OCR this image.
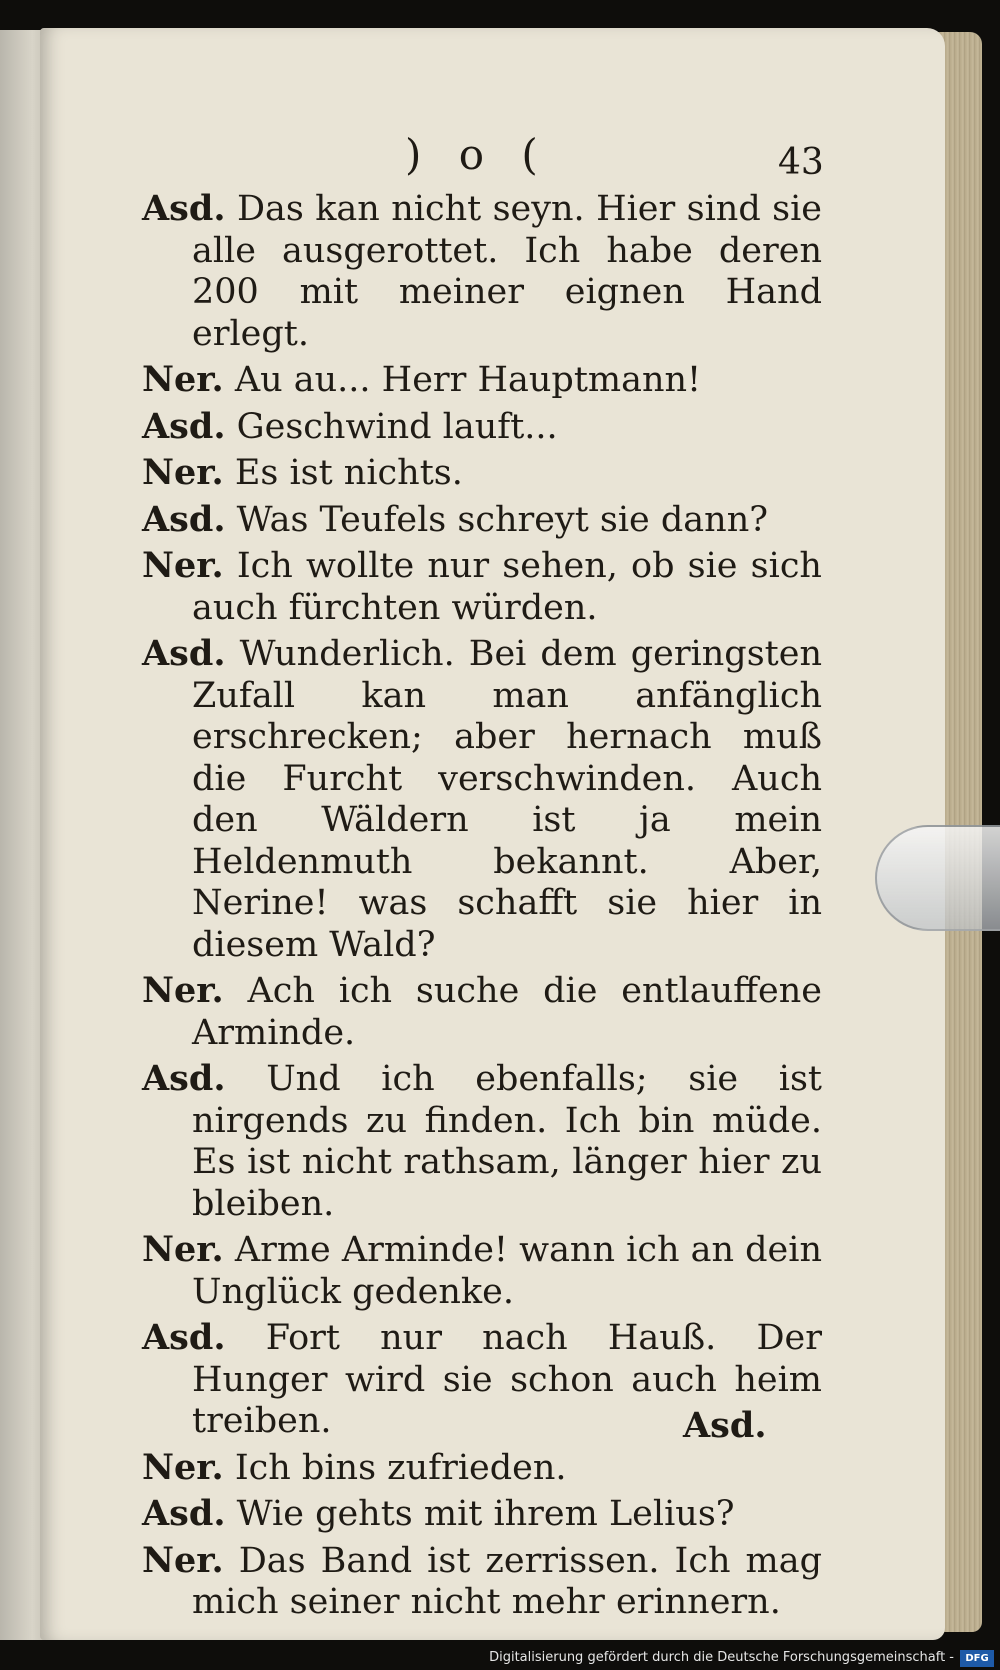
) o (	43

Asd. Das kan nicht seyn. Hier sind sie alle ausgerottet. Ich habe deren 200 mit meiner eignen Hand erlegt.

Ner. Au au... Herr Hauptmann!

Asd. Geschwind lauft...

Ner. Es ist nichts.

Asd. Was Teufels schreyt sie dann?

Ner. Ich wollte nur sehen, ob sie sich auch fürchten würden.

Asd. Wunderlich. Bei dem geringsten Zufall kan man anfänglich erschrecken; aber hernach muß die Furcht verschwinden. Auch den Wäldern ist ja mein Heldenmuth bekannt. Aber, Nerine! was schafft sie hier in diesem Wald?

Ner. Ach ich suche die entlauffene Arminde.

Asd. Und ich ebenfalls; sie ist nirgends zu finden. Ich bin müde. Es ist nicht rathsam, länger hier zu bleiben.

Ner. Arme Arminde! wann ich an dein Unglück gedenke.

Asd. Fort nur nach Hauß. Der Hunger wird sie schon auch heim treiben.

Ner. Ich bins zufrieden.

Asd. Wie gehts mit ihrem Lelius?

Ner. Das Band ist zerrissen. Ich mag mich seiner nicht mehr erinnern.

Asd.
Digitalisierung gefördert durch die Deutsche Forschungsgemeinschaft -	DFG
